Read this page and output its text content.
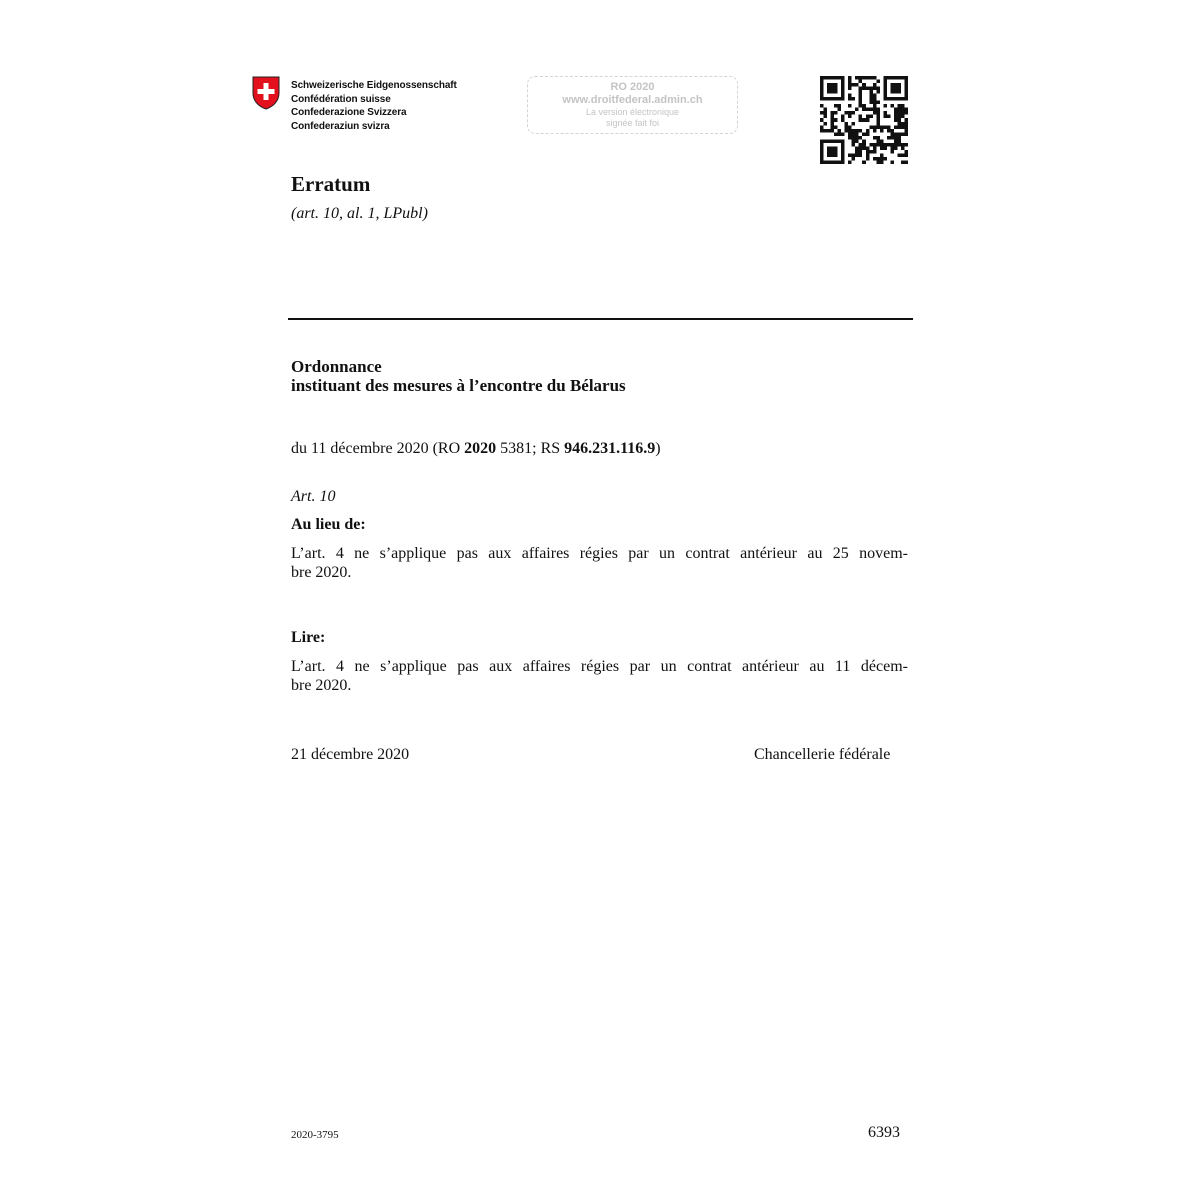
Schweizerische Eidgenossenschaft
Confédération suisse
Confederazione Svizzera
Confederaziun svizra
RO 2020
www.droitfederal.admin.ch
La version électronique
signée fait foi
Erratum
(art. 10, al. 1, LPubl)
Ordonnance
instituant des mesures à l’encontre du Bélarus
du 11 décembre 2020 (RO 2020 5381; RS 946.231.116.9)
Art. 10
Au lieu de:
L’art. 4 ne s’applique pas aux affaires régies par un contrat antérieur au 25 novem-
bre 2020.
Lire:
L’art. 4 ne s’applique pas aux affaires régies par un contrat antérieur au 11 décem-
bre 2020.
21 décembre 2020	Chancellerie fédérale
2020-3795	6393
